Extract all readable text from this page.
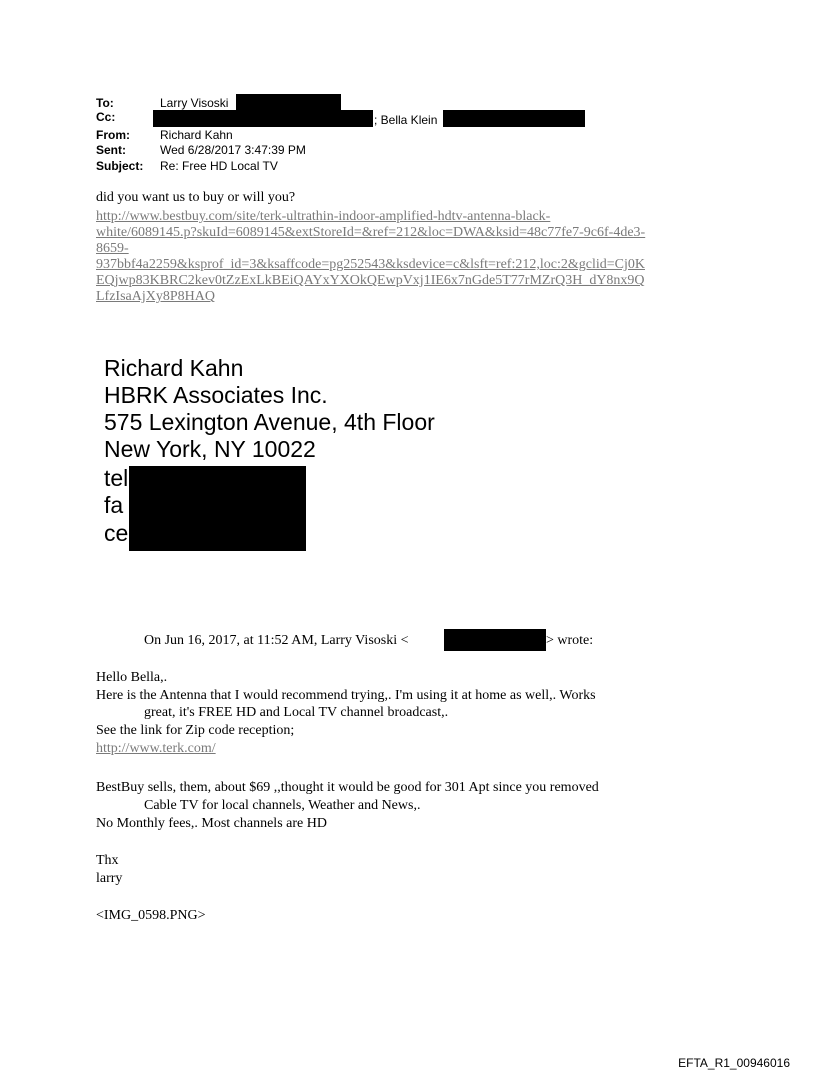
To:	Larry Visoski
Cc:	; Bella Klein
From:	Richard Kahn
Sent:	Wed 6/28/2017 3:47:39 PM
Subject: Re: Free HD Local TV
did you want us to buy or will you?
http://www.bestbuy.com/site/terk-ultrathin-indoor-amplified-hdtv-antenna-black-
white/6089145.p?skuId=6089145&extStoreId=&ref=212&loc=DWA&ksid=48c77fe7-9c6f-4de3-
8659-
937bbf4a2259&ksprof_id=3&ksaffcode=pg252543&ksdevice=c&lsft=ref:212,loc:2&gclid=Cj0K
EQjwp83KBRC2kev0tZzExLkBEiQAYxYXOkQEwpVxj1IE6x7nGde5T77rMZrQ3H_dY8nx9Q
LfzIsaAjXy8P8HAQ
Richard Kahn
HBRK Associates Inc.
575 Lexington Avenue, 4th Floor
New York, NY 10022
tel
fa
ce
On Jun 16, 2017, at 11:52 AM, Larry Visoski <	> wrote:
Hello Bella,.
Here is the Antenna that I would recommend trying,. I'm using it at home as well,. Works
great, it's FREE HD and Local TV channel broadcast,.
See the link for Zip code reception;
http://www.terk.com/
BestBuy sells, them, about $69 ,,thought it would be good for 301 Apt since you removed
Cable TV for local channels, Weather and News,.
No Monthly fees,. Most channels are HD
Thx
larry
<IMG_0598.PNG>
EFTA_R1_00946016
